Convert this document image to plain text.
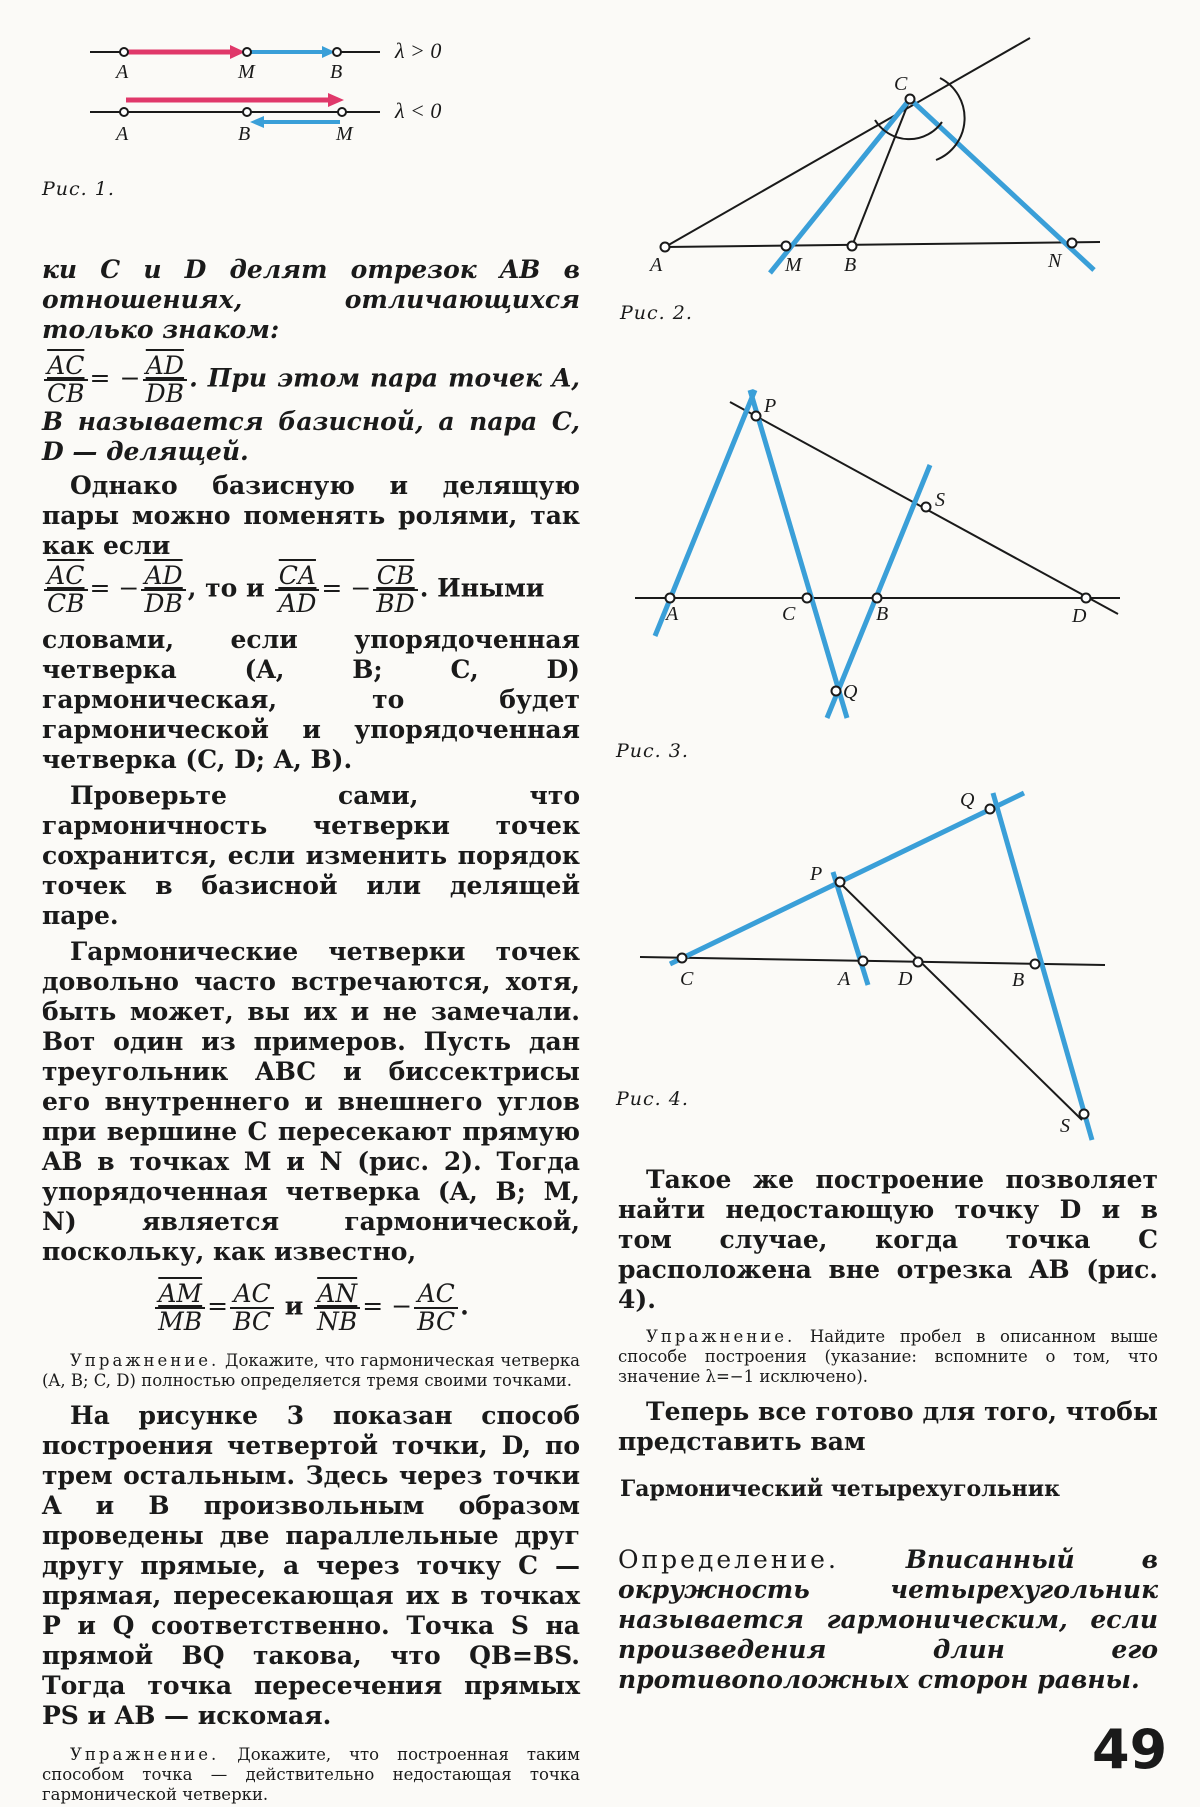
A	M	B
λ > 0
A	B	M
λ < 0
Рис. 1.
A	M B	N
C
Рис. 2.
P
S
A	C	B	D
Q
Рис. 3.
Q
P
C	A D	B
S
Рис. 4.

ки C и D делят отрезок AB в отношениях, отличающихся только знаком:

$\frac{\overline{AC}}{CB}$ = − $\frac{\overline{AD}}{DB}$ . При этом пара точек A, B называется базисной, а пара C, D — делящей.

Однако базисную и делящую пары можно поменять ролями, так как если

$\frac{\overline{AC}}{CB}$ = − $\frac{\overline{AD}}{DB}$ , то и $\frac{\overline{CA}}{AD}$ = − $\frac{\overline{CB}}{BD}$ . Иными

словами, если упорядоченная четверка (A, B; C, D) гармоническая, то будет гармонической и упорядоченная четверка (C, D; A, B).

Проверьте сами, что гармоничность четверки точек сохранится, если изменить порядок точек в базисной или делящей паре.

Гармонические четверки точек довольно часто встречаются, хотя, быть может, вы их и не замечали. Вот один из примеров. Пусть дан треугольник ABC и биссектрисы его внутреннего и внешнего углов при вершине C пересекают прямую AB в точках M и N (рис. 2). Тогда упорядоченная четверка (A, B; M, N) является гармонической, поскольку, как известно,

$\frac{\overline{AM}}{MB} = \frac{AC}{BC}$ и $\frac{\overline{AN}}{NB}$ = − $\frac{AC}{BC}$ .

Упражнение. Докажите, что гармоническая четверка (A, B; C, D) полностью определяется тремя своими точками.

На рисунке 3 показан способ построения четвертой точки, D, по трем остальным. Здесь через точки A и B произвольным образом проведены две параллельные друг другу прямые, а через точку C — прямая, пересекающая их в точках P и Q соответственно. Точка S на прямой BQ такова, что QB=BS. Тогда точка пересечения прямых PS и AB — искомая.

Упражнение. Докажите, что построенная таким способом точка — действительно недостающая точка гармонической четверки.

Такое же построение позволяет найти недостающую точку D и в том случае, когда точка C расположена вне отрезка AB (рис. 4).

Упражнение. Найдите пробел в описанном выше способе построения (указание: вспомните о том, что значение λ=−1 исключено).

Теперь все готово для того, чтобы представить вам

Гармонический четырехугольник

Определение.	Вписанный в окружность четырехугольник называется гармоническим, если произведения длин его противоположных сторон равны.

49
